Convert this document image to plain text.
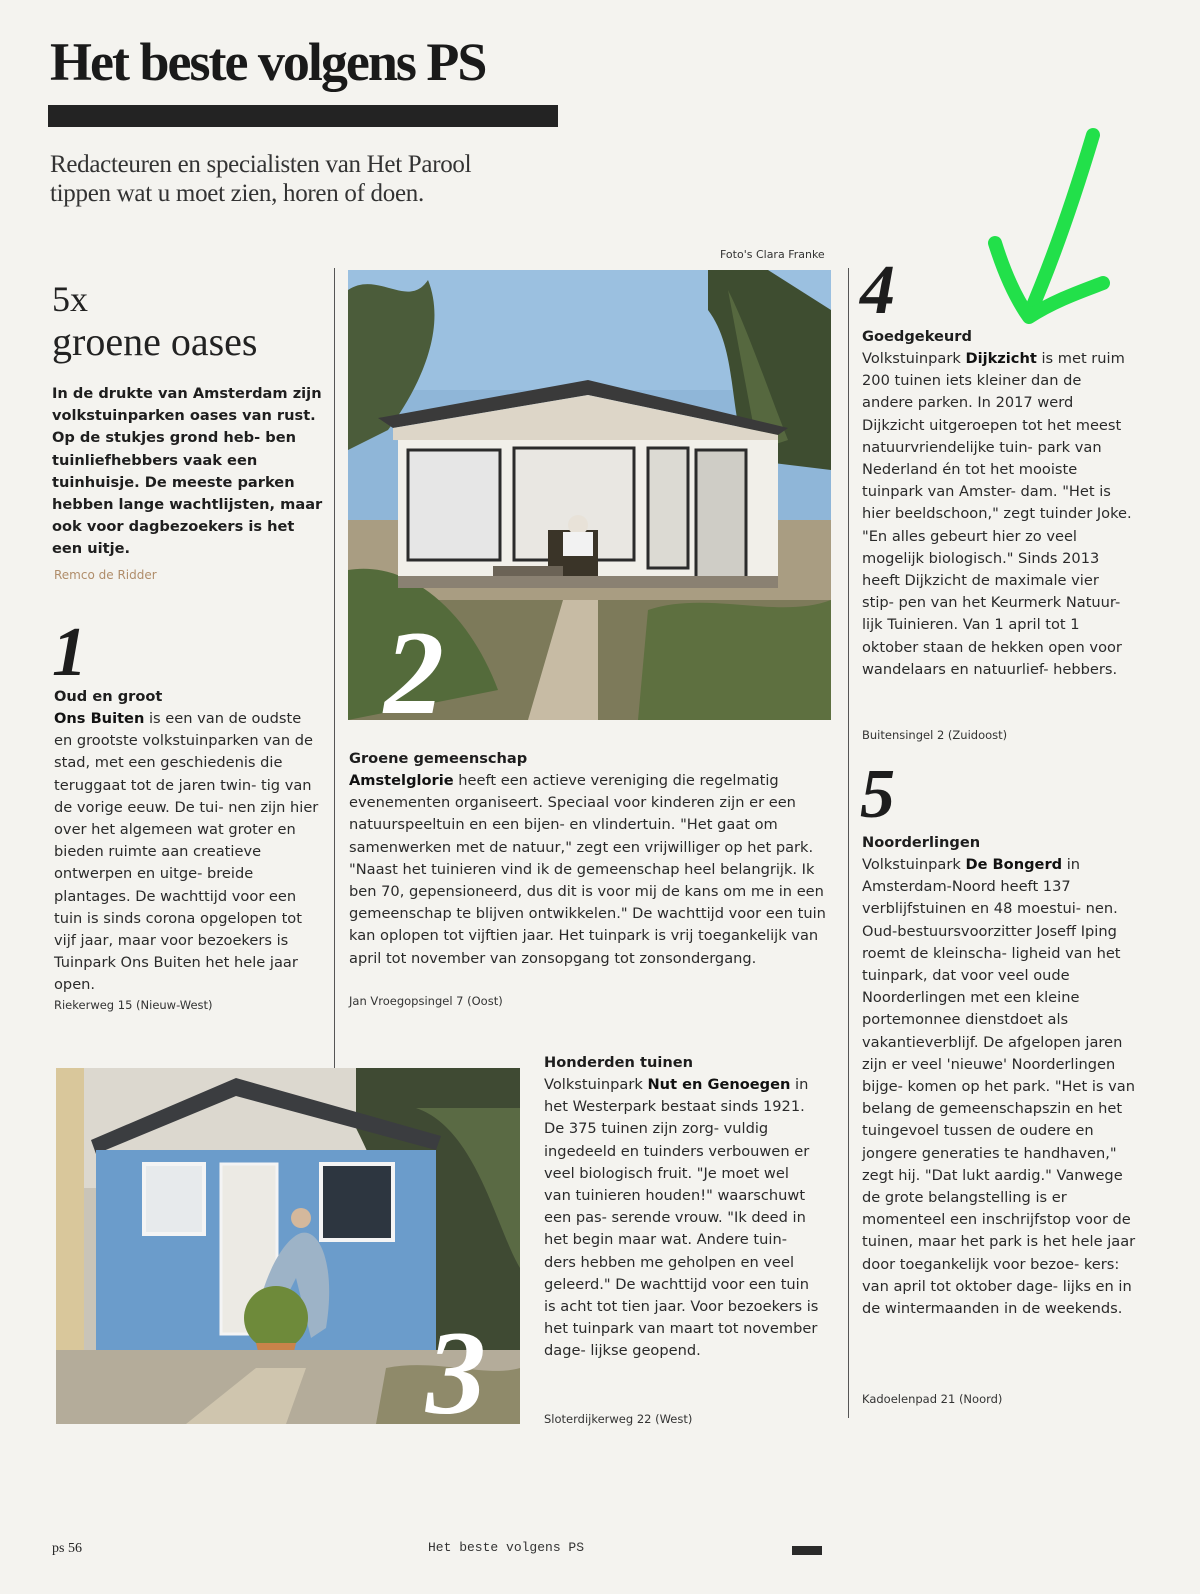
Het beste volgens PS
Redacteuren en specialisten van Het Parool
tippen wat u moet zien, horen of doen.
Foto's Clara Franke
5x
groene oases
In de drukte van Amsterdam zijn volkstuinparken oases van rust. Op de stukjes grond heb- ben tuinliefhebbers vaak een tuinhuisje. De meeste parken hebben lange wachtlijsten, maar ook voor dagbezoekers is het een uitje.
Remco de Ridder
1
Oud en groot
Ons Buiten is een van de oudste en grootste volkstuinparken van de stad, met een geschiedenis die teruggaat tot de jaren twin- tig van de vorige eeuw. De tui- nen zijn hier over het algemeen wat groter en bieden ruimte aan creatieve ontwerpen en uitge- breide plantages. De wachttijd voor een tuin is sinds corona opgelopen tot vijf jaar, maar voor bezoekers is Tuinpark Ons Buiten het hele jaar open.
Riekerweg 15 (Nieuw-West)
2
Groene gemeenschap
Amstelglorie heeft een actieve vereniging die regelmatig evenementen organiseert. Speciaal voor kinderen zijn er een natuurspeeltuin en een bijen- en vlindertuin. "Het gaat om samenwerken met de natuur," zegt een vrijwilliger op het park. "Naast het tuinieren vind ik de gemeenschap heel belangrijk. Ik ben 70, gepensioneerd, dus dit is voor mij de kans om me in een gemeenschap te blijven ontwikkelen." De wachttijd voor een tuin kan oplopen tot vijftien jaar. Het tuinpark is vrij toegankelijk van april tot november van zonsopgang tot zonsondergang.
Jan Vroegopsingel 7 (Oost)
3
Honderden tuinen
Volkstuinpark Nut en Genoegen in het Westerpark bestaat sinds 1921. De 375 tuinen zijn zorg- vuldig ingedeeld en tuinders verbouwen er veel biologisch fruit. "Je moet wel van tuinieren houden!" waarschuwt een pas- serende vrouw. "Ik deed in het begin maar wat. Andere tuin- ders hebben me geholpen en veel geleerd." De wachttijd voor een tuin is acht tot tien jaar. Voor bezoekers is het tuinpark van maart tot november dage- lijkse geopend.
Sloterdijkerweg 22 (West)
4
Goedgekeurd
Volkstuinpark Dijkzicht is met ruim 200 tuinen iets kleiner dan de andere parken. In 2017 werd Dijkzicht uitgeroepen tot het meest natuurvriendelijke tuin- park van Nederland én tot het mooiste tuinpark van Amster- dam. "Het is hier beeldschoon," zegt tuinder Joke. "En alles gebeurt hier zo veel mogelijk biologisch." Sinds 2013 heeft Dijkzicht de maximale vier stip- pen van het Keurmerk Natuur- lijk Tuinieren. Van 1 april tot 1 oktober staan de hekken open voor wandelaars en natuurlief- hebbers.
Buitensingel 2 (Zuidoost)
5
Noorderlingen
Volkstuinpark De Bongerd in Amsterdam-Noord heeft 137 verblijfstuinen en 48 moestui- nen. Oud-bestuursvoorzitter Joseff Iping roemt de kleinscha- ligheid van het tuinpark, dat voor veel oude Noorderlingen met een kleine portemonnee dienstdoet als vakantieverblijf. De afgelopen jaren zijn er veel 'nieuwe' Noorderlingen bijge- komen op het park. "Het is van belang de gemeenschapszin en het tuingevoel tussen de oudere en jongere generaties te handhaven," zegt hij. "Dat lukt aardig." Vanwege de grote belangstelling is er momenteel een inschrijfstop voor de tuinen, maar het park is het hele jaar door toegankelijk voor bezoe- kers: van april tot oktober dage- lijks en in de wintermaanden in de weekends.
Kadoelenpad 21 (Noord)
ps 56	Het beste volgens PS
